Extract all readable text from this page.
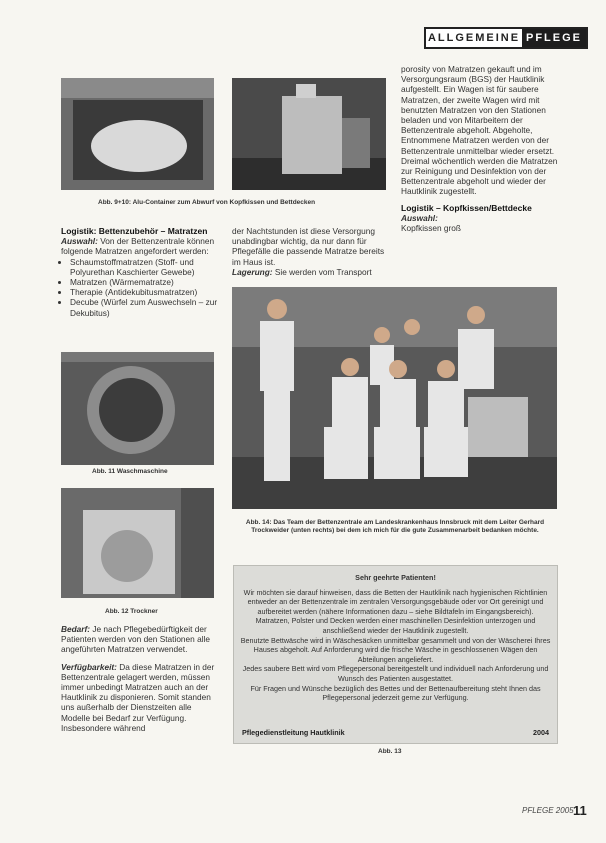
ALLGEMEINE PFLEGE
Abb. 9+10: Alu-Container zum Abwurf von Kopfkissen und Bettdecken

Logistik: Bettenzubehör – Matratzen

Auswahl: Von der Bettenzentrale können folgende Matratzen angefordert werden:

• Schaumstoffmatratzen (Stoff- und Polyurethan Kaschierter Gewebe)
• Matratzen (Wärmematratze)
• Therapie (Antidekubitusmatratzen)
• Decube (Würfel zum Auswechseln – zur Dekubitus)

der Nachtstunden ist diese Versorgung unabdingbar wichtig, da nur dann für Pflegefälle die passende Matratze bereits im Haus ist.

Lagerung: Sie werden vom Transport

porosity von Matratzen gekauft und im Versorgungsraum (BGS) der Hautklinik aufgestellt. Ein Wagen ist für saubere Matratzen, der zweite Wagen wird mit benutzten Matratzen von den Stationen beladen und von Mitarbeitern der Bettenzentrale abgeholt. Abgeholte, Entnommene Matratzen werden von der Bettenzentrale unmittelbar wieder ersetzt. Dreimal wöchentlich werden die Matratzen zur Reinigung und Desinfektion von der Bettenzentrale abgeholt und wieder der Hautklinik zugestellt.

Logistik – Kopfkissen/Bettdecke

Auswahl:

Kopfkissen groß

Abb. 11 Waschmaschine
Abb. 12 Trockner
Abb. 14: Das Team der Bettenzentrale am Landeskrankenhaus Innsbruck mit dem Leiter Gerhard Trockweider (unten rechts) bei dem ich mich für die gute Zusammenarbeit bedanken möchte.

Bedarf: Je nach Pflegebedürftigkeit der Patienten werden von den Stationen alle angeführten Matratzen verwendet.

Verfügbarkeit: Da diese Matratzen in der Bettenzentrale gelagert werden, müssen immer unbedingt Matratzen auch an der Hautklinik zu disponieren. Somit standen uns außerhalb der Dienstzeiten alle Modelle bei Bedarf zur Verfügung. Insbesondere während

Sehr geehrte Patienten!
Wir möchten sie darauf hinweisen, dass die Betten der Hautklinik nach hygienischen Richtlinien entweder an der Bettenzentrale im zentralen Versorgungsgebäude oder vor Ort gereinigt und aufbereitet werden (nähere Informationen dazu – siehe Bildtafeln im Eingangsbereich).
Matratzen, Polster und Decken werden einer maschinellen Desinfektion unterzogen und anschließend wieder der Hautklinik zugestellt.
Benutzte Bettwäsche wird in Wäschesäcken unmittelbar gesammelt und von der Wäscherei Ihres Hauses abgeholt. Auf Anforderung wird die frische Wäsche in geschlossenen Wägen den Abteilungen angeliefert.
Jedes saubere Bett wird vom Pflegepersonal bereitgestellt und individuell nach Anforderung und Wunsch des Patienten ausgestattet.
Für Fragen und Wünsche bezüglich des Bettes und der Bettenaufbereitung steht Ihnen das Pflegepersonal jederzeit gerne zur Verfügung.
Pflegedienstleitung Hautklinik	2004
Abb. 13
PFLEGE 2005 11
